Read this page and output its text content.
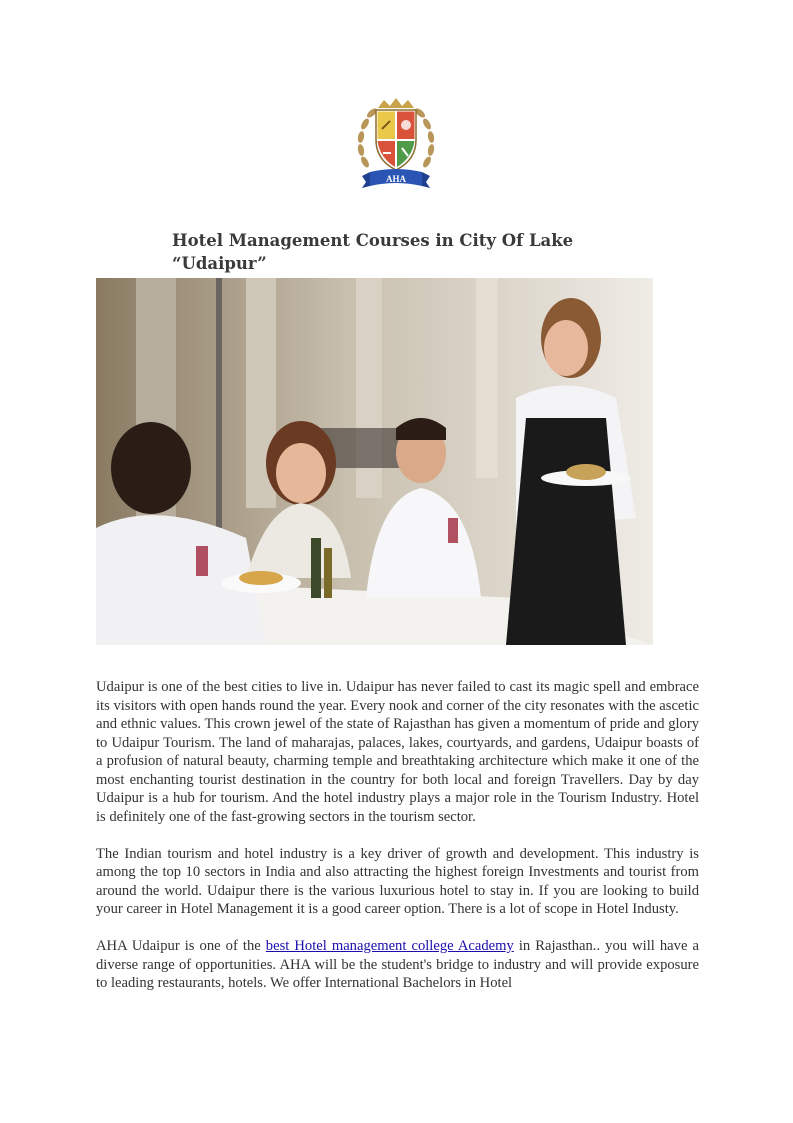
AHA
Hotel Management Courses in City Of Lake
“Udaipur”

Udaipur is one of the best cities to live in. Udaipur has never failed to cast its magic spell and embrace its visitors with open hands round the year. Every nook and corner of the city resonates with the ascetic and ethnic values. This crown jewel of the state of Rajasthan has given a momentum of pride and glory to Udaipur Tourism. The land of maharajas, palaces, lakes, courtyards, and gardens, Udaipur boasts of a profusion of natural beauty, charming temple and breathtaking architecture which make it one of the most enchanting tourist destination in the country for both local and foreign Travellers. Day by day Udaipur is a hub for tourism. And the hotel industry plays a major role in the Tourism Industry. Hotel is definitely one of the fast-growing sectors in the tourism sector.

The Indian tourism and hotel industry is a key driver of growth and development. This industry is among the top 10 sectors in India and also attracting the highest foreign Investments and tourist from around the world. Udaipur there is the various luxurious hotel to stay in. If you are looking to build your career in Hotel Management it is a good career option. There is a lot of scope in Hotel Industy.

AHA Udaipur is one of the best Hotel management college Academy in Rajasthan.. you will have a diverse range of opportunities. AHA will be the student's bridge to industry and will provide exposure to leading restaurants, hotels. We offer International Bachelors in Hotel
